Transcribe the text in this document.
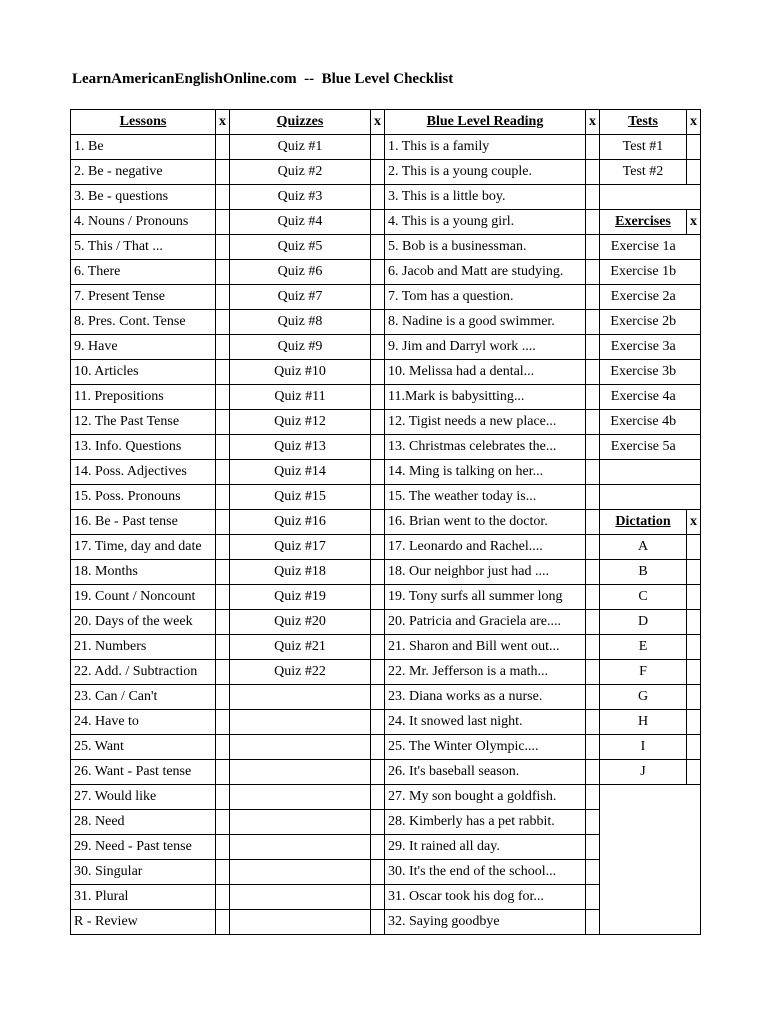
LearnAmericanEnglishOnline.com  --  Blue Level Checklist
Lessons	x	Quizzes	x	Blue Level Reading	x	Tests	x
1. Be		Quiz #1		1. This is a family		Test #1	
2. Be - negative		Quiz #2		2. This is a young couple.		Test #2	
3. Be - questions		Quiz #3		3. This is a little boy.			
4. Nouns / Pronouns		Quiz #4		4. This is a young girl.		Exercises	x
5. This / That ...		Quiz #5		5. Bob is a businessman.		Exercise 1a	
6. There		Quiz #6		6. Jacob and Matt are studying.		Exercise 1b	
7. Present Tense		Quiz #7		7. Tom has a question.		Exercise 2a	
8. Pres. Cont. Tense		Quiz #8		8. Nadine is a good swimmer.		Exercise 2b	
9. Have		Quiz #9		9. Jim and Darryl work ....		Exercise 3a	
10. Articles		Quiz #10		10. Melissa had a dental...		Exercise 3b	
11. Prepositions		Quiz #11		11.Mark is babysitting...		Exercise 4a	
12. The Past Tense		Quiz #12		12. Tigist needs a new place...		Exercise 4b	
13. Info. Questions		Quiz #13		13. Christmas celebrates the...		Exercise 5a	
14. Poss. Adjectives		Quiz #14		14. Ming is talking on her...			
15. Poss. Pronouns		Quiz #15		15. The weather today is...			
16. Be - Past tense		Quiz #16		16. Brian went to the doctor.		Dictation	x
17. Time, day and date		Quiz #17		17. Leonardo and Rachel....		A	
18. Months		Quiz #18		18. Our neighbor just had ....		B	
19. Count / Noncount		Quiz #19		19. Tony surfs all summer long		C	
20. Days of the week		Quiz #20		20. Patricia and Graciela are....		D	
21. Numbers		Quiz #21		21. Sharon and Bill went out...		E	
22. Add. / Subtraction		Quiz #22		22. Mr. Jefferson is a math...		F	
23. Can / Can't				23. Diana works as a nurse.		G	
24. Have to				24. It snowed last night.		H	
25. Want				25. The Winter Olympic....		I	
26. Want - Past tense				26. It's baseball season.		J	
27. Would like				27. My son bought a goldfish.			
28. Need				28. Kimberly has a pet rabbit.			
29. Need - Past tense				29. It rained all day.			
30. Singular				30. It's the end of the school...			
31. Plural				31. Oscar took his dog for...			
R - Review				32. Saying goodbye			
